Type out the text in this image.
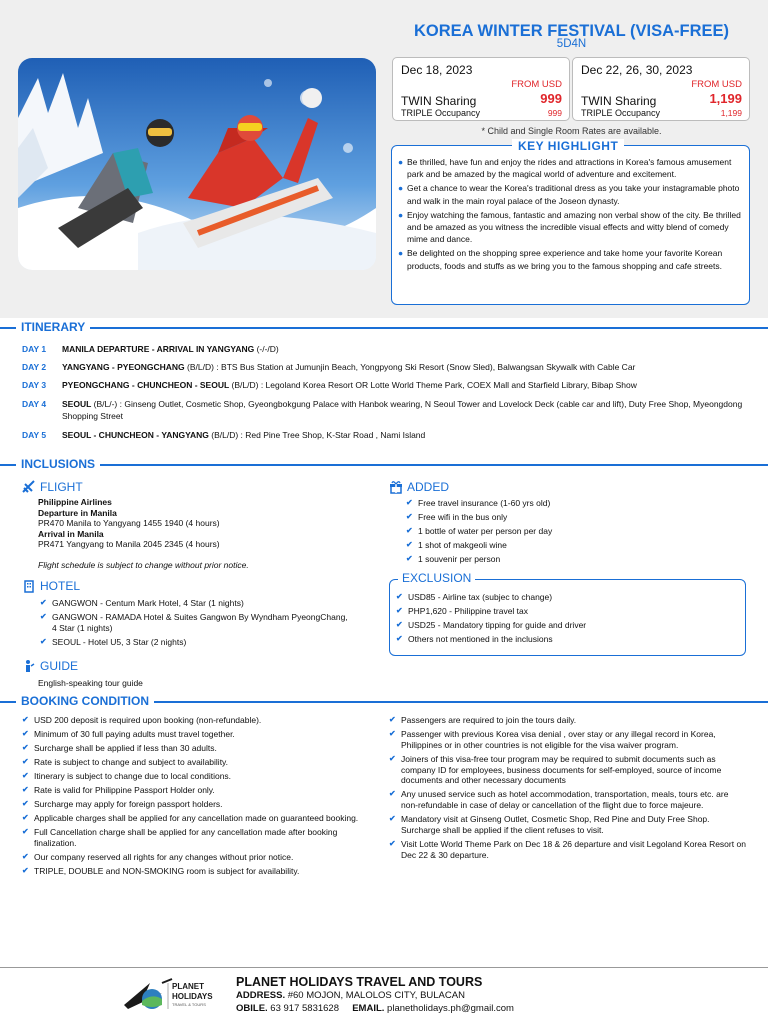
KOREA WINTER FESTIVAL (VISA-FREE)
5D4N
Dec 18, 2023
FROM USD
TWIN Sharing	999
TRIPLE Occupancy	999
Dec 22, 26, 30, 2023
FROM USD
TWIN Sharing	1,199
TRIPLE Occupancy	1,199
* Child and Single Room Rates are available.
KEY HIGHLIGHT
● Be thrilled, have fun and enjoy the rides and attractions in Korea's famous amusement park and be amazed by the magical world of adventure and excitement.
● Get a chance to wear the Korea's traditional dress as you take your instagramable photo and walk in the main royal palace of the Joseon dynasty.
● Enjoy watching the famous, fantastic and amazing non verbal show of the city. Be thrilled and be amazed as you witness the incredible visual effects and witty blend of comedy mime and dance.
● Be delighted on the shopping spree experience and take home your favorite Korean products, foods and stuffs as we bring you to the famous shopping and cafe streets.
ITINERARY
DAY 1	MANILA DEPARTURE - ARRIVAL IN YANGYANG (-/-/D)
DAY 2	YANGYANG - PYEONGCHANG (B/L/D) : BTS Bus Station at Jumunjin Beach, Yongpyong Ski Resort (Snow Sled), Balwangsan Skywalk with Cable Car
DAY 3	PYEONGCHANG - CHUNCHEON - SEOUL (B/L/D) : Legoland Korea Resort OR Lotte World Theme Park, COEX Mall and Starfield Library, Bibap Show
DAY 4	SEOUL (B/L/-) : Ginseng Outlet, Cosmetic Shop, Gyeongbokgung Palace with Hanbok wearing, N Seoul Tower and Lovelock Deck (cable car and lift), Duty Free Shop, Myeongdong Shopping Street
DAY 5	SEOUL - CHUNCHEON - YANGYANG (B/L/D) : Red Pine Tree Shop, K-Star Road , Nami Island
INCLUSIONS
FLIGHT
Philippine Airlines
Departure in Manila
PR470 Manila to Yangyang 1455 1940 (4 hours)
Arrival in Manila
PR471 Yangyang to Manila 2045 2345 (4 hours)
Flight schedule is subject to change without prior notice.
HOTEL
✔ GANGWON - Centum Mark Hotel, 4 Star (1 nights)
✔ GANGWON - RAMADA Hotel & Suites Gangwon By Wyndham PyeongChang, 4 Star (1 nights)
✔ SEOUL - Hotel U5, 3 Star (2 nights)
GUIDE
English-speaking tour guide
ADDED
✔ Free travel insurance (1-60 yrs old)
✔ Free wifi in the bus only
✔ 1 bottle of water per person per day
✔ 1 shot of makgeoli wine
✔ 1 souvenir per person
EXCLUSION
✔ USD85 - Airline tax (subjec to change)
✔ PHP1,620 - Philippine travel tax
✔ USD25 - Mandatory tipping for guide and driver
✔ Others not mentioned in the inclusions
BOOKING CONDITION
✔ USD 200 deposit is required upon booking (non-refundable).
✔ Minimum of 30 full paying adults must travel together.
✔ Surcharge shall be applied if less than 30 adults.
✔ Rate is subject to change and subject to availability.
✔ Itinerary is subject to change due to local conditions.
✔ Rate is valid for Philippine Passport Holder only.
✔ Surcharge may apply for foreign passport holders.
✔ Applicable charges shall be applied for any cancellation made on guaranteed booking.
✔ Full Cancellation charge shall be applied for any cancellation made after booking finalization.
✔ Our company reserved all rights for any changes without prior notice.
✔ TRIPLE, DOUBLE and NON-SMOKING room is subject for availability.
✔ Passengers are required to join the tours daily.
✔ Passenger with previous Korea visa denial , over stay or any illegal record in Korea, Philippines or in other countries is not eligible for the visa waiver program.
✔ Joiners of this visa-free tour program may be required to submit documents such as company ID for employees, business documents for self-employed, source of income documents and other necessary documents
✔ Any unused service such as hotel accommodation, transportation, meals, tours etc. are non-refundable in case of delay or cancellation of the flight due to force majeure.
✔ Mandatory visit at Ginseng Outlet, Cosmetic Shop, Red Pine and Duty Free Shop. Surcharge shall be applied if the client refuses to visit.
✔ Visit Lotte World Theme Park on Dec 18 & 26 departure and visit Legoland Korea Resort on Dec 22 & 30 departure.
PLANET
HOLIDAYS
TRAVEL & TOURS
PLANET HOLIDAYS TRAVEL AND TOURS
ADDRESS. #60 MOJON, MALOLOS CITY, BULACAN
OBILE. 63 917 5831628 EMAIL. planetholidays.ph@gmail.com
